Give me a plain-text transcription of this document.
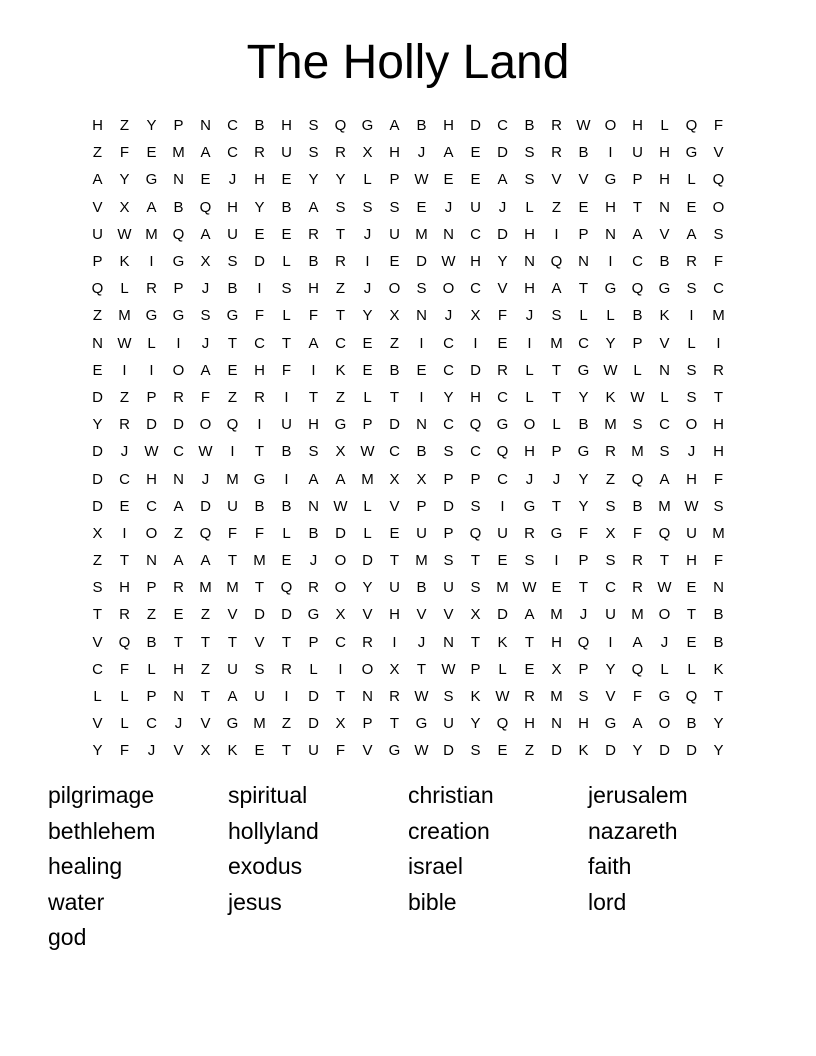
The Holly Land
H	Z	Y	P	N	C	B	H	S	Q	G	A	B	H	D	C	B	R W O	H	L	Q	F
Z	F	E	M	A	C	R	U	S	R	X	H	J	A	E	D	S	R	B	I	U	H	G	V
A	Y	G	N	E	J	H	E	Y	Y	L	P W E	E	A	S	V	V	G	P	H	L	Q
V	X	A	B	Q	H	Y	B	A	S	S	S	E	J	U	J	L	Z	E	H	T	N	E	O
U W M Q	A	U	E	E	R	T	J	U	M	N	C	D	H	I	P	N	A	V	A	S
P	K	I	G	X	S	D	L	B	R	I	E	D W H	Y	N	Q	N	I	C	B	R	F
Q	L	R	P	J	B	I	S	H	Z	J	O	S	O	C	V	H	A	T	G	Q	G	S	C
Z	M G	G	S	G	F	L	F	T	Y	X	N	J	X	F	J	S	L	L	B	K	I	M
N W	L	I	J	T	C	T	A	C	E	Z	I	C	I	E	I	M	C	Y	P	V	L	I
E	I	I	O	A	E	H	F	I	K	E	B	E	C	D	R	L	T	G W	L	N	S	R
D	Z	P	R	F	Z	R	I	T	Z	L	T	I	Y	H	C	L	T	Y	K W	L	S	T
Y	R	D	D	O	Q	I	U	H	G	P	D	N	C	Q	G	O	L	B	M	S	C	O	H
D	J	W C W	I	T	B	S	X W C	B	S	C	Q	H	P	G	R	M	S	J	H
D	C	H	N	J	M G	I	A	A	M	X	X	P	P	C	J	J	Y	Z	Q	A	H	F
D	E	C	A	D	U	B	B	N W	L	V	P	D	S	I	G	T	Y	S	B	M W S
X	I	O	Z	Q	F	F	L	B	D	L	E	U	P	Q	U	R	G	F	X	F	Q	U	M
Z	T	N	A	A	T	M	E	J	O	D	T	M	S	T	E	S	I	P	S	R	T	H	F
S	H	P	R	M M	T	Q	R	O	Y	U	B	U	S	M W E	T	C	R W E	N
T	R	Z	E	Z	V	D	D	G	X	V	H	V	V	X	D	A	M	J	U	M O	T	B
V	Q	B	T	T	T	V	T	P	C	R	I	J	N	T	K	T	H	Q	I	A	J	E	B
C	F	L	H	Z	U	S	R	L	I	O	X	T	W P	L	E	X	P	Y	Q	L	L	K
L	L	P	N	T	A	U	I	D	T	N	R W S	K W R	M	S	V	F	G	Q	T
V	L	C	J	V	G M	Z	D	X	P	T	G	U	Y	Q	H	N	H	G	A	O	B	Y
Y	F	J	V	X	K	E	T	U	F	V	G W D	S	E	Z	D	K	D	Y	D	D	Y
pilgrimage	spiritual	christian	jerusalem
bethlehem	hollyland	creation	nazareth
healing	exodus	israel	faith
water	jesus	bible	lord
god
